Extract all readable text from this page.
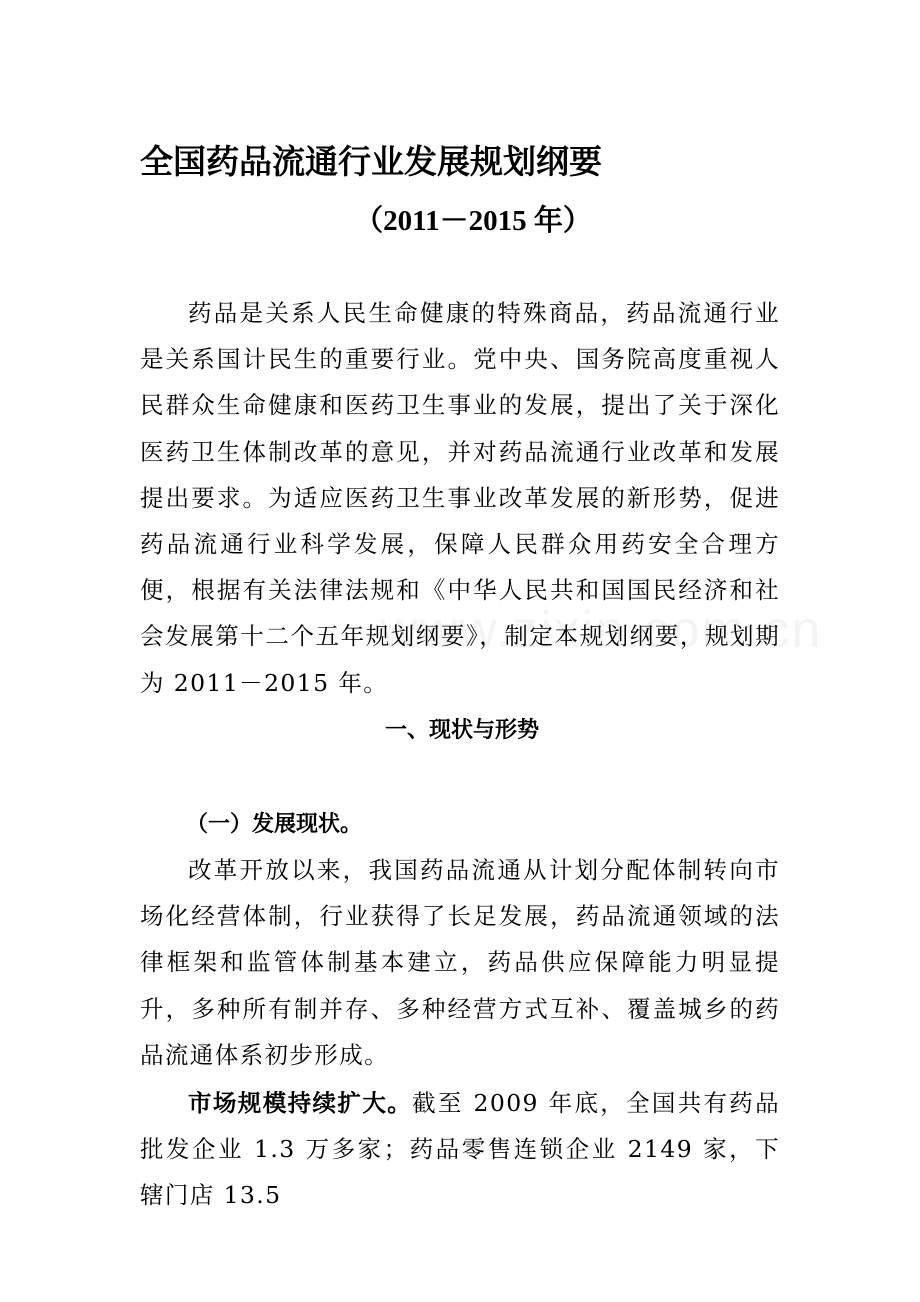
全国药品流通行业发展规划纲要
（2011－2015 年）

药品是关系人民生命健康的特殊商品，药品流通行业是关系国计民生的重要行业。党中央、国务院高度重视人民群众生命健康和医药卫生事业的发展，提出了关于深化医药卫生体制改革的意见，并对药品流通行业改革和发展提出要求。为适应医药卫生事业改革发展的新形势，促进药品流通行业科学发展，保障人民群众用药安全合理方便，根据有关法律法规和《中华人民共和国国民经济和社会发展第十二个五年规划纲要》，制定本规划纲要，规划期为 2011－2015 年。

一、现状与形势
（一）发展现状。

改革开放以来，我国药品流通从计划分配体制转向市场化经营体制，行业获得了长足发展，药品流通领域的法律框架和监管体制基本建立，药品供应保障能力明显提升，多种所有制并存、多种经营方式互补、覆盖城乡的药品流通体系初步形成。

市场规模持续扩大。截至 2009 年底，全国共有药品批发企业 1.3 万多家；药品零售连锁企业 2149 家，下辖门店 13.5
